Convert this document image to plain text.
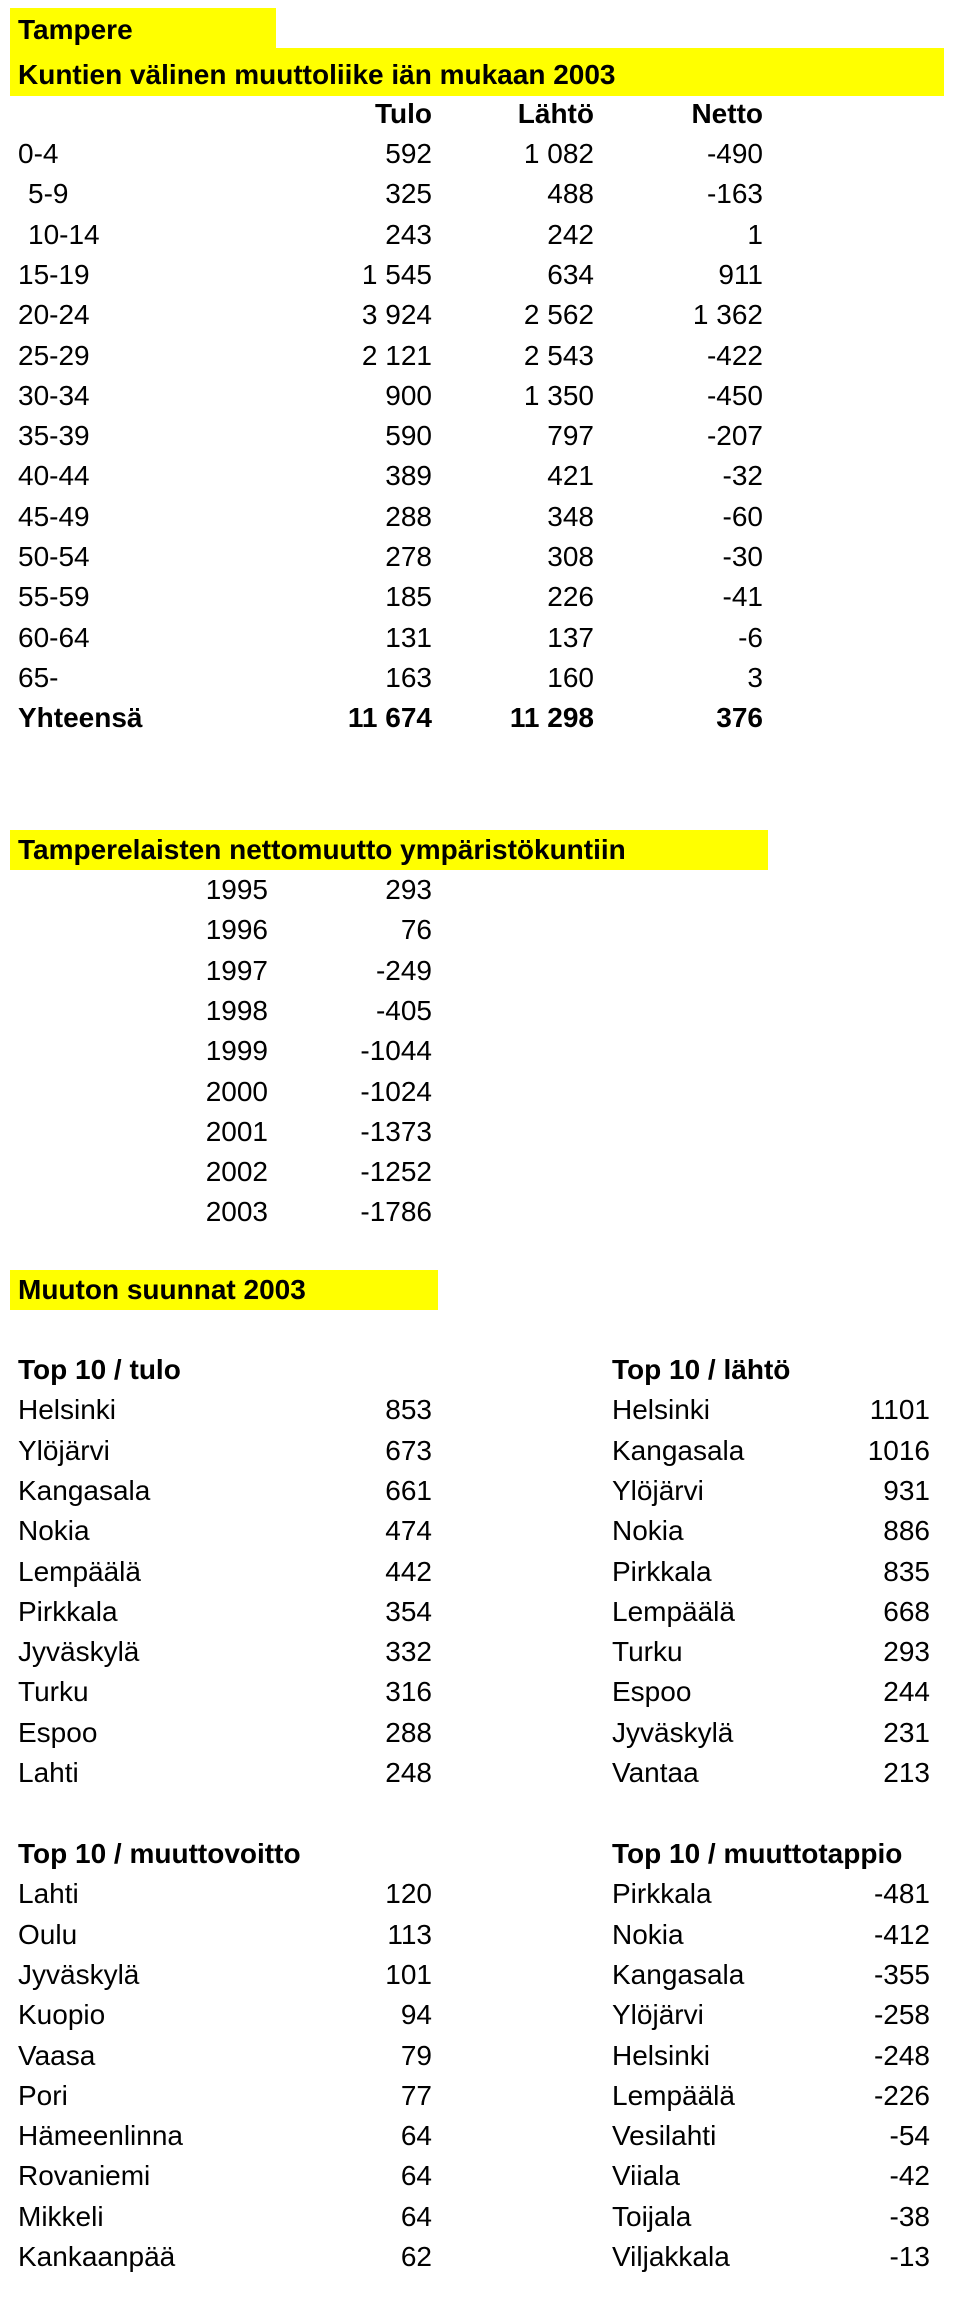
Tampere
Kuntien välinen muuttoliike iän mukaan 2003
Tulo	Lähtö	Netto
0-4	592	1 082	-490
5-9	325	488	-163
10-14	243	242	1
15-19	1 545	634	911
20-24	3 924	2 562	1 362
25-29	2 121	2 543	-422
30-34	900	1 350	-450
35-39	590	797	-207
40-44	389	421	-32
45-49	288	348	-60
50-54	278	308	-30
55-59	185	226	-41
60-64	131	137	-6
65-	163	160	3
Yhteensä	11 674	11 298	376
Tamperelaisten nettomuutto ympäristökuntiin
1995	293
1996	76
1997	-249
1998	-405
1999	-1044
2000	-1024
2001	-1373
2002	-1252
2003	-1786
Muuton suunnat 2003
Top 10 / tulo
Helsinki	853
Ylöjärvi	673
Kangasala	661
Nokia	474
Lempäälä	442
Pirkkala	354
Jyväskylä	332
Turku	316
Espoo	288
Lahti	248
Top 10 / lähtö
Helsinki	1101
Kangasala	1016
Ylöjärvi	931
Nokia	886
Pirkkala	835
Lempäälä	668
Turku	293
Espoo	244
Jyväskylä	231
Vantaa	213
Top 10 / muuttovoitto
Lahti	120
Oulu	113
Jyväskylä	101
Kuopio	94
Vaasa	79
Pori	77
Hämeenlinna	64
Rovaniemi	64
Mikkeli	64
Kankaanpää	62
Top 10 / muuttotappio
Pirkkala	-481
Nokia	-412
Kangasala	-355
Ylöjärvi	-258
Helsinki	-248
Lempäälä	-226
Vesilahti	-54
Viiala	-42
Toijala	-38
Viljakkala	-13
